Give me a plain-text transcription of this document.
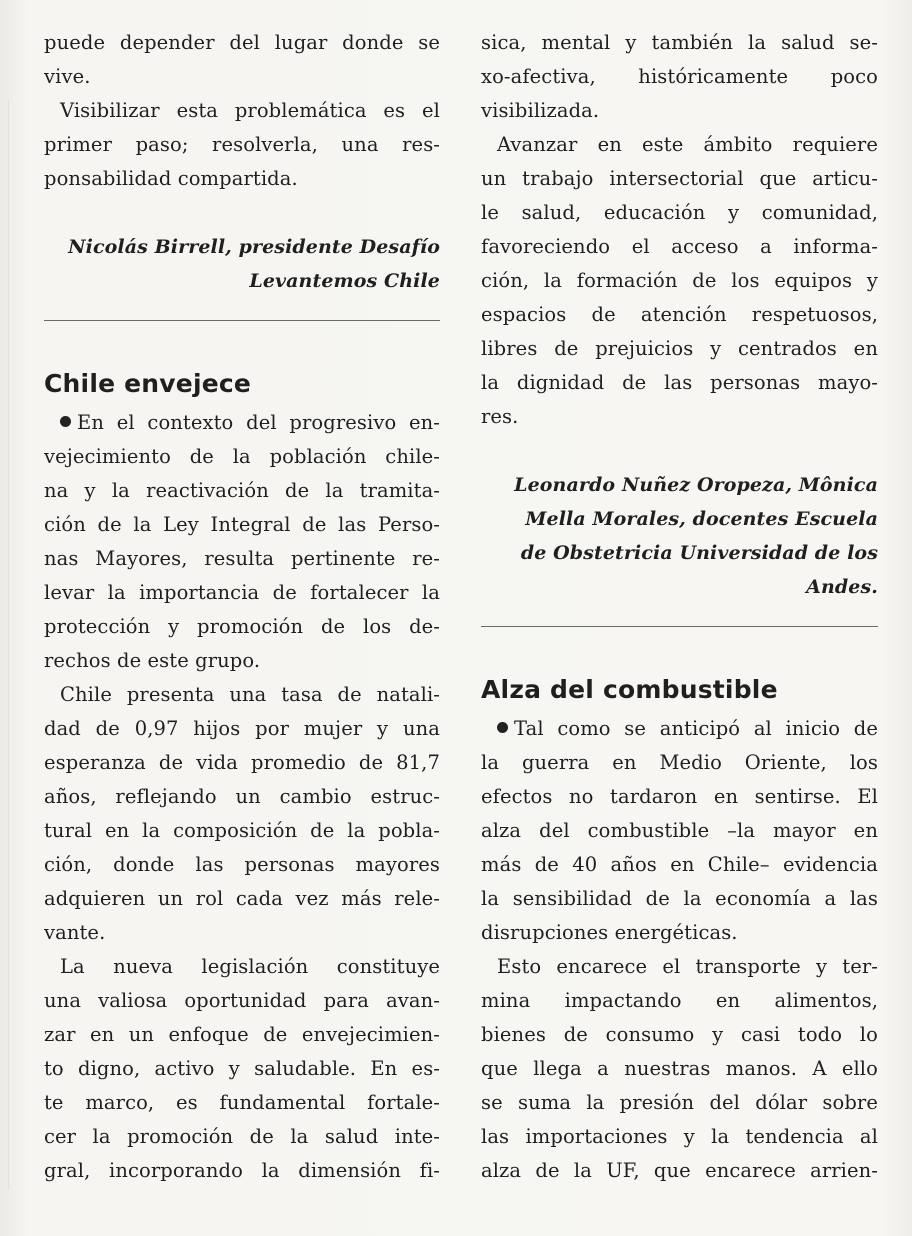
puede depender del lugar donde se
vive.
Visibilizar esta problemática es el
primer paso; resolverla, una res-
ponsabilidad compartida.
Nicolás Birrell, presidente Desafío
Levantemos Chile
Chile envejece
En el contexto del progresivo en-
vejecimiento de la población chile-
na y la reactivación de la tramita-
ción de la Ley Integral de las Perso-
nas Mayores, resulta pertinente re-
levar la importancia de fortalecer la
protección y promoción de los de-
rechos de este grupo.
Chile presenta una tasa de natali-
dad de 0,97 hijos por mujer y una
esperanza de vida promedio de 81,7
años, reflejando un cambio estruc-
tural en la composición de la pobla-
ción, donde las personas mayores
adquieren un rol cada vez más rele-
vante.
La nueva legislación constituye
una valiosa oportunidad para avan-
zar en un enfoque de envejecimien-
to digno, activo y saludable. En es-
te marco, es fundamental fortale-
cer la promoción de la salud inte-
gral, incorporando la dimensión fi-
sica, mental y también la salud se-
xo-afectiva, históricamente poco
visibilizada.
Avanzar en este ámbito requiere
un trabajo intersectorial que articu-
le salud, educación y comunidad,
favoreciendo el acceso a informa-
ción, la formación de los equipos y
espacios de atención respetuosos,
libres de prejuicios y centrados en
la dignidad de las personas mayo-
res.
Leonardo Nuñez Oropeza, Mônica
Mella Morales, docentes Escuela
de Obstetricia Universidad de los
Andes.
Alza del combustible
Tal como se anticipó al inicio de
la guerra en Medio Oriente, los
efectos no tardaron en sentirse. El
alza del combustible –la mayor en
más de 40 años en Chile– evidencia
la sensibilidad de la economía a las
disrupciones energéticas.
Esto encarece el transporte y ter-
mina impactando en alimentos,
bienes de consumo y casi todo lo
que llega a nuestras manos. A ello
se suma la presión del dólar sobre
las importaciones y la tendencia al
alza de la UF, que encarece arrien-
